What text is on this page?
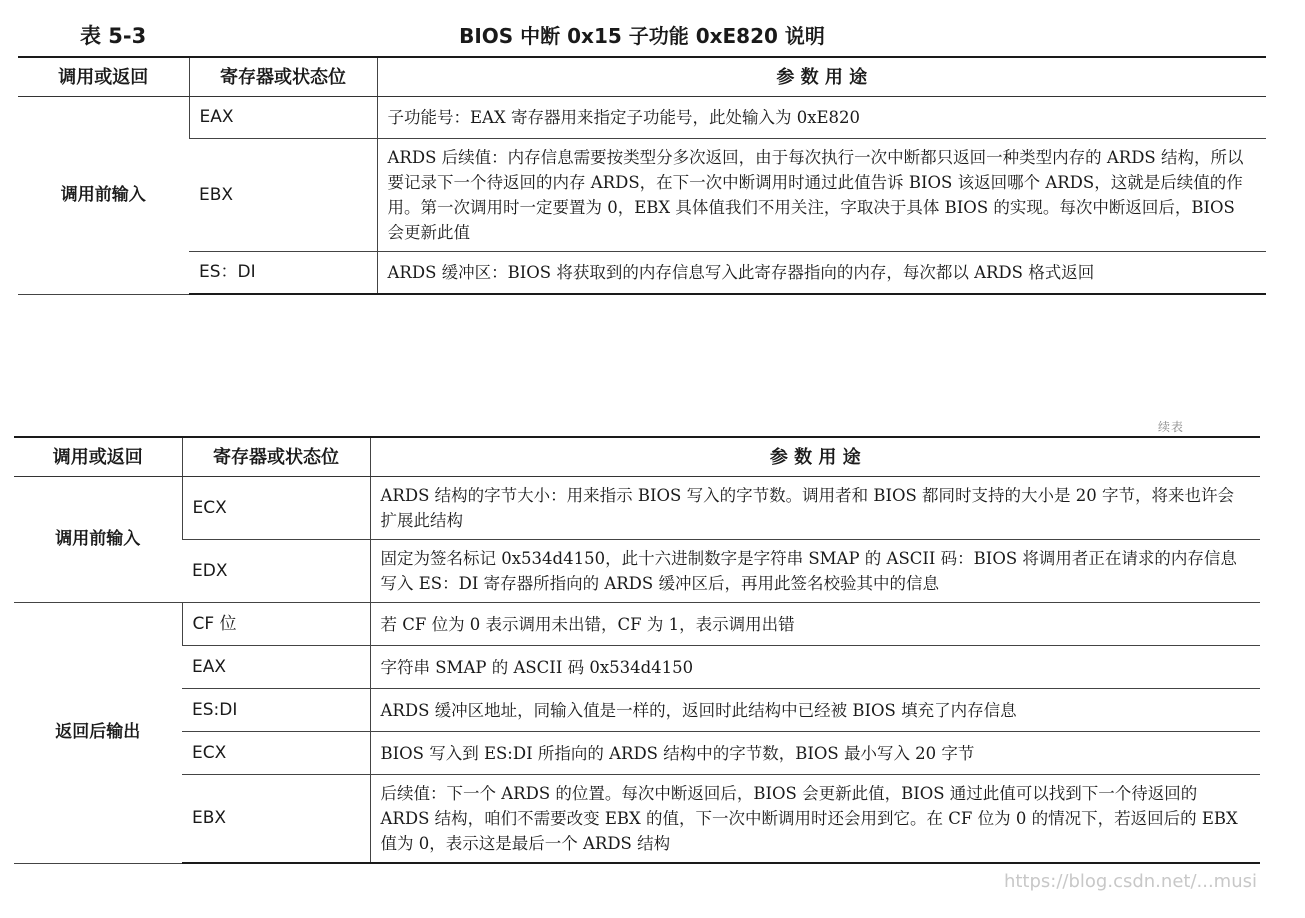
表 5-3	BIOS 中断 0x15 子功能 0xE820 说明
调用或返回	寄存器或状态位	参 数 用 途
调用前输入	EAX	子功能号：EAX 寄存器用来指定子功能号，此处输入为 0xE820
	EBX	ARDS 后续值：内存信息需要按类型分多次返回，由于每次执行一次中断都只返回一种类型内存的 ARDS 结构，所以要记录下一个待返回的内存 ARDS，在下一次中断调用时通过此值告诉 BIOS 该返回哪个 ARDS，这就是后续值的作用。第一次调用时一定要置为 0，EBX 具体值我们不用关注，字取决于具体 BIOS 的实现。每次中断返回后，BIOS 会更新此值
	ES：DI	ARDS 缓冲区：BIOS 将获取到的内存信息写入此寄存器指向的内存，每次都以 ARDS 格式返回
续表
调用或返回	寄存器或状态位	参 数 用 途
调用前输入	ECX	ARDS 结构的字节大小：用来指示 BIOS 写入的字节数。调用者和 BIOS 都同时支持的大小是 20 字节，将来也许会扩展此结构
	EDX	固定为签名标记 0x534d4150，此十六进制数字是字符串 SMAP 的 ASCII 码：BIOS 将调用者正在请求的内存信息写入 ES：DI 寄存器所指向的 ARDS 缓冲区后，再用此签名校验其中的信息
返回后输出	CF 位	若 CF 位为 0 表示调用未出错，CF 为 1，表示调用出错
	EAX	字符串 SMAP 的 ASCII 码 0x534d4150
	ES:DI	ARDS 缓冲区地址，同输入值是一样的，返回时此结构中已经被 BIOS 填充了内存信息
	ECX	BIOS 写入到 ES:DI 所指向的 ARDS 结构中的字节数，BIOS 最小写入 20 字节
	EBX	后续值：下一个 ARDS 的位置。每次中断返回后，BIOS 会更新此值，BIOS 通过此值可以找到下一个待返回的 ARDS 结构，咱们不需要改变 EBX 的值，下一次中断调用时还会用到它。在 CF 位为 0 的情况下，若返回后的 EBX 值为 0，表示这是最后一个 ARDS 结构
https://blog.csdn.net/...musi
